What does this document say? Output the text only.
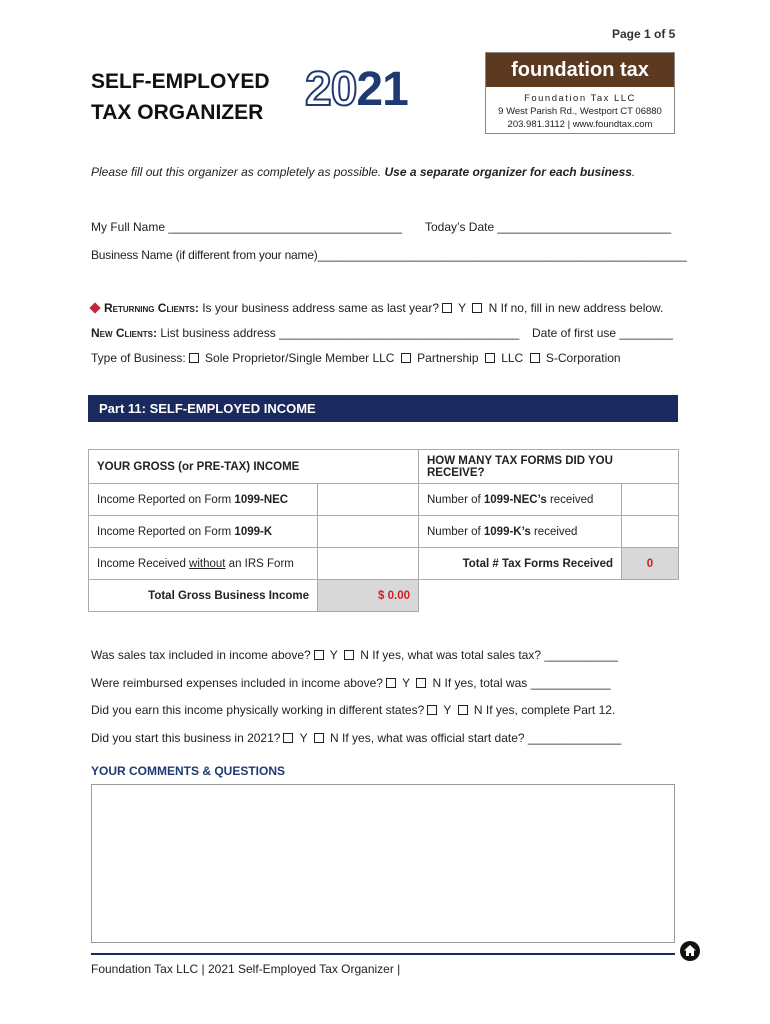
Page 1 of 5
SELF-EMPLOYED
TAX ORGANIZER 2021	foundation tax
Foundation Tax LLC
9 West Parish Rd., Westport CT 06880
203.981.3112 | www.foundtax.com
Please fill out this organizer as completely as possible. Use a separate organizer for each business.
My Full Name ___________________________________ Today’s Date __________________________
Business Name (if different from your name)_________________________________________________________
Returning Clients: Is your business address same as last year? Y  N If no, fill in new address below.
New Clients: List business address ____________________________________ Date of first use ________
Type of Business: Sole Proprietor/Single Member LLC  Partnership  LLC  S-Corporation
Part 11: SELF-EMPLOYED INCOME
YOUR GROSS (or PRE-TAX) INCOME		HOW MANY TAX FORMS DID YOU RECEIVE?	
Income Reported on Form 1099-NEC		Number of 1099-NEC’s received	
Income Reported on Form 1099-K		Number of 1099-K’s received	
Income Received without an IRS Form		Total # Tax Forms Received	0
Total Gross Business Income	$ 0.00		
Was sales tax included in income above? Y  N If yes, what was total sales tax? ___________
Were reimbursed expenses included in income above? Y  N If yes, total was ____________
Did you earn this income physically working in different states? Y  N If yes, complete Part 12.
Did you start this business in 2021? Y  N If yes, what was official start date? ______________
YOUR COMMENTS & QUESTIONS
Foundation Tax LLC | 2021 Self-Employed Tax Organizer |
